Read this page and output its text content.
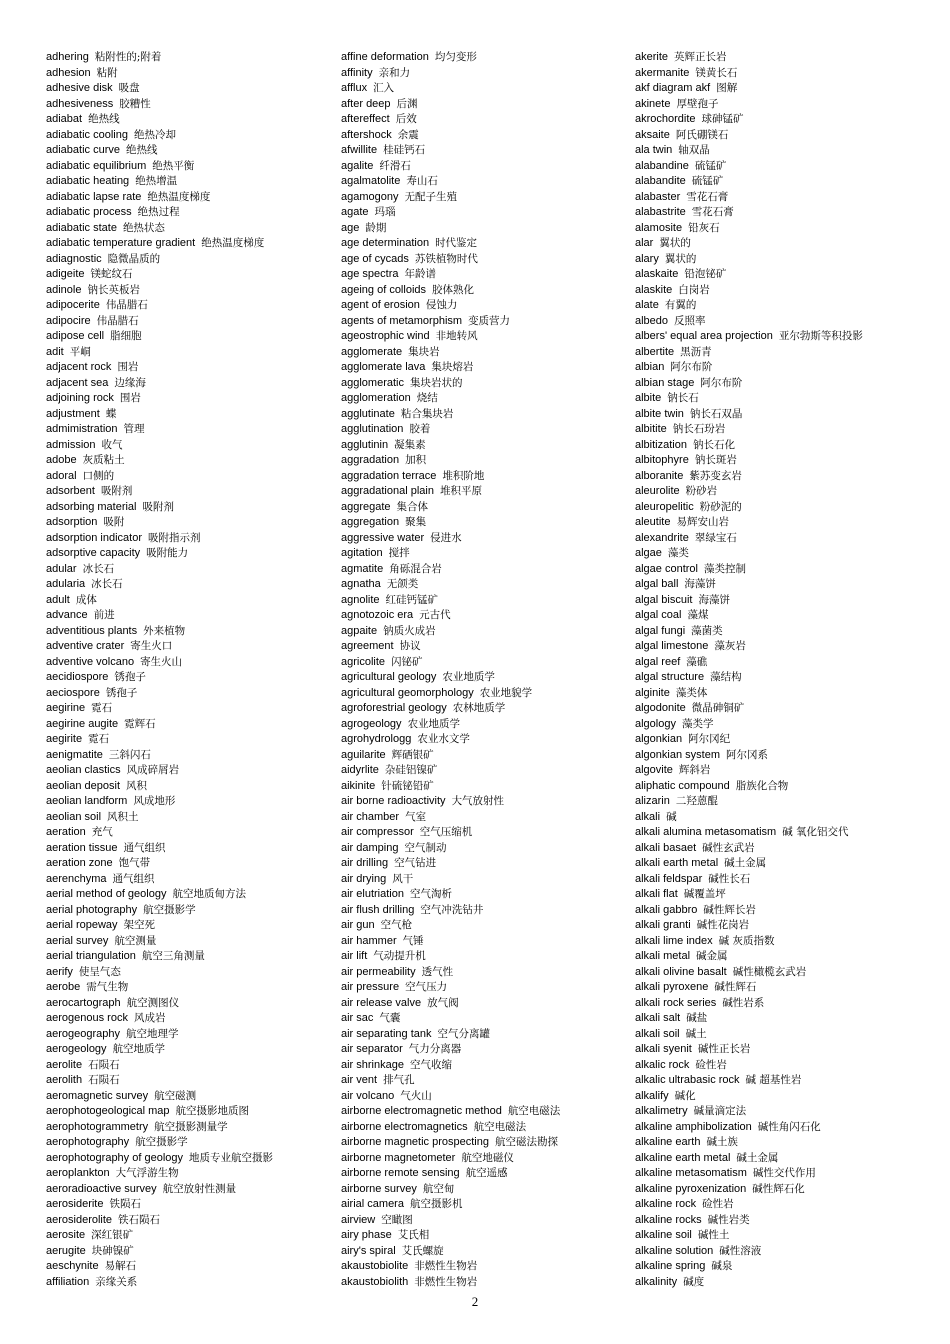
adhering 粘附性的;附着
adhesion 粘附
adhesive disk 吸盘
adhesiveness 胶糟性
adiabat 绝热线
adiabatic cooling 绝热冷却
adiabatic curve 绝热线
adiabatic equilibrium 绝热平衡
adiabatic heating 绝热增温
adiabatic lapse rate 绝热温度梯度
adiabatic process 绝热过程
adiabatic state 绝热状态
adiabatic temperature gradient 绝热温度梯度
adiagnostic 隐微晶质的
adigeite 镁蛇纹石
adinole 钠长英板岩
adipocerite 伟晶腊石
adipocire 伟晶腊石
adipose cell 脂细胞
adit 平峒
adjacent rock 围岩
adjacent sea 边缘海
adjoining rock 围岩
adjustment 蝶
admimistration 管理
admission 收气
adobe 灰质粘土
adoral 口侧的
adsorbent 吸附剂
adsorbing material 吸附剂
adsorption 吸附
adsorption indicator 吸附指示剂
adsorptive capacity 吸附能力
adular 冰长石
adularia 冰长石
adult 成体
advance 前进
adventitious plants 外来植物
adventive crater 寄生火口
adventive volcano 寄生火山
aecidiospore 锈孢子
aeciospore 锈孢子
aegirine 霓石
aegirine augite 霓辉石
aegirite 霓石
aenigmatite 三斜闪石
aeolian clastics 风成碎屑岩
aeolian deposit 风积
aeolian landform 风成地形
aeolian soil 风积土
aeration 充气
aeration tissue 通气组织
aeration zone 饱气带
aerenchyma 通气组织
aerial method of geology 航空地质甸方法
aerial photography 航空摄影学
aerial ropeway 架空死
aerial survey 航空测量
aerial triangulation 航空三角测量
aerify 使呈气态
aerobe 需气生物
aerocartograph 航空测图仪
aerogenous rock 风成岩
aerogeography 航空地理学
aerogeology 航空地质学
aerolite 石陨石
aerolith 石陨石
aeromagnetic survey 航空磁测
aerophotogeological map 航空摄影地质图
aerophotogrammetry 航空摄影测量学
aerophotography 航空摄影学
aerophotography of geology 地质专业航空摄影
aeroplankton 大气浮游生物
aeroradioactive survey 航空放射性测量
aerosiderite 铁陨石
aerosiderolite 铁石陨石
aerosite 深红银矿
aerugite 块砷镍矿
aeschynite 易解石
affiliation 亲缘关系
affine deformation 均匀变形
affinity 亲和力
afflux 汇入
after deep 后渊
aftereffect 后效
aftershock 余震
afwillite 桂硅钙石
agalite 纤滑石
agalmatolite 寿山石
agamogony 无配子生殖
agate 玛瑙
age 龄期
age determination 时代鉴定
age of cycads 苏铁植物时代
age spectra 年龄谱
ageing of colloids 胶体熟化
agent of erosion 侵蚀力
agents of metamorphism 变质营力
ageostrophic wind 非地转风
agglomerate 集块岩
agglomerate lava 集块熔岩
agglomeratic 集块岩状的
agglomeration 烧结
agglutinate 粘合集块岩
agglutination 胶着
agglutinin 凝集素
aggradation 加积
aggradation terrace 堆积阶地
aggradational plain 堆积平原
aggregate 集合体
aggregation 聚集
aggressive water 侵进水
agitation 搅拌
agmatite 角砾混合岩
agnatha 无颌类
agnolite 红硅钙锰矿
agnotozoic era 元古代
agpaite 钠质火成岩
agreement 协议
agricolite 闪铋矿
agricultural geology 农业地质学
agricultural geomorphology 农业地貌学
agroforestrial geology 农林地质学
agrogeology 农业地质学
agrohydrologg 农业水文学
aguilarite 辉硒银矿
aidyrlite 杂硅铝镍矿
aikinite 针硫铋铅矿
air borne radioactivity 大气放射性
air chamber 气室
air compressor 空气压缩机
air damping 空气制动
air drilling 空气钻进
air drying 风干
air elutriation 空气淘析
air flush drilling 空气冲洗钻井
air gun 空气枪
air hammer 气锤
air lift 气动提升机
air permeability 透气性
air pressure 空气压力
air release valve 放气阀
air sac 气囊
air separating tank 空气分离罐
air separator 气力分离器
air shrinkage 空气收缩
air vent 排气孔
air volcano 气火山
airborne electromagnetic method 航空电磁法
airborne electromagnetics 航空电磁法
airborne magnetic prospecting 航空磁法勘探
airborne magnetometer 航空地磁仪
airborne remote sensing 航空遥感
airborne survey 航空甸
airial camera 航空摄影机
airview 空瞰图
airy phase 艾氏相
airy's spiral 艾氏螺旋
akaustobiolite 非燃性生物岩
akaustobiolith 非燃性生物岩
akerite 英辉正长岩
akermanite 镁黄长石
akf diagram akf 图解
akinete 厚壁孢子
akrochordite 球砷锰矿
aksaite 阿氏硼镁石
ala twin 轴双晶
alabandine 硫锰矿
alabandite 硫锰矿
alabaster 雪花石膏
alabastrite 雪花石膏
alamosite 铅灰石
alar 翼状的
alary 翼状的
alaskaite 铅泡铋矿
alaskite 白岗岩
alate 有翼的
albedo 反照率
albers' equal area projection 亚尔勃斯等积投影
albertite 黑沥青
albian 阿尔布阶
albian stage 阿尔布阶
albite 钠长石
albite twin 钠长石双晶
albitite 钠长石玢岩
albitization 钠长石化
albitophyre 钠长斑岩
alboranite 紫苏变玄岩
aleurolite 粉砂岩
aleuropelitic 粉砂泥的
aleutite 易辉安山岩
alexandrite 翠绿宝石
algae 藻类
algae control 藻类控制
algal ball 海藻饼
algal biscuit 海藻饼
algal coal 藻煤
algal fungi 藻菌类
algal limestone 藻灰岩
algal reef 藻礁
algal structure 藻结构
alginite 藻类体
algodonite 微晶砷铜矿
algology 藻类学
algonkian 阿尔冈纪
algonkian system 阿尔冈系
algovite 辉斜岩
aliphatic compound 脂族化合物
alizarin 二羟蒽醌
alkali 碱
alkali alumina metasomatism 碱 氧化铝交代
alkali basaet 碱性玄武岩
alkali earth metal 碱土金属
alkali feldspar 碱性长石
alkali flat 碱覆盖坪
alkali gabbro 碱性辉长岩
alkali granti 碱性花岗岩
alkali lime index 碱 灰质指数
alkali metal 碱金属
alkali olivine basalt 碱性橄榄玄武岩
alkali pyroxene 碱性辉石
alkali rock series 碱性岩系
alkali salt 碱盐
alkali soil 碱土
alkali syenit 碱性正长岩
alkalic rock 硷性岩
alkalic ultrabasic rock 碱 超基性岩
alkalify 碱化
alkalimetry 碱量滴定法
alkaline amphibolization 碱性角闪石化
alkaline earth 碱土族
alkaline earth metal 碱土金属
alkaline metasomatism 碱性交代作用
alkaline pyroxenization 碱性辉石化
alkaline rock 硷性岩
alkaline rocks 碱性岩类
alkaline soil 碱性土
alkaline solution 碱性溶液
alkaline spring 碱泉
alkalinity 碱度
2
